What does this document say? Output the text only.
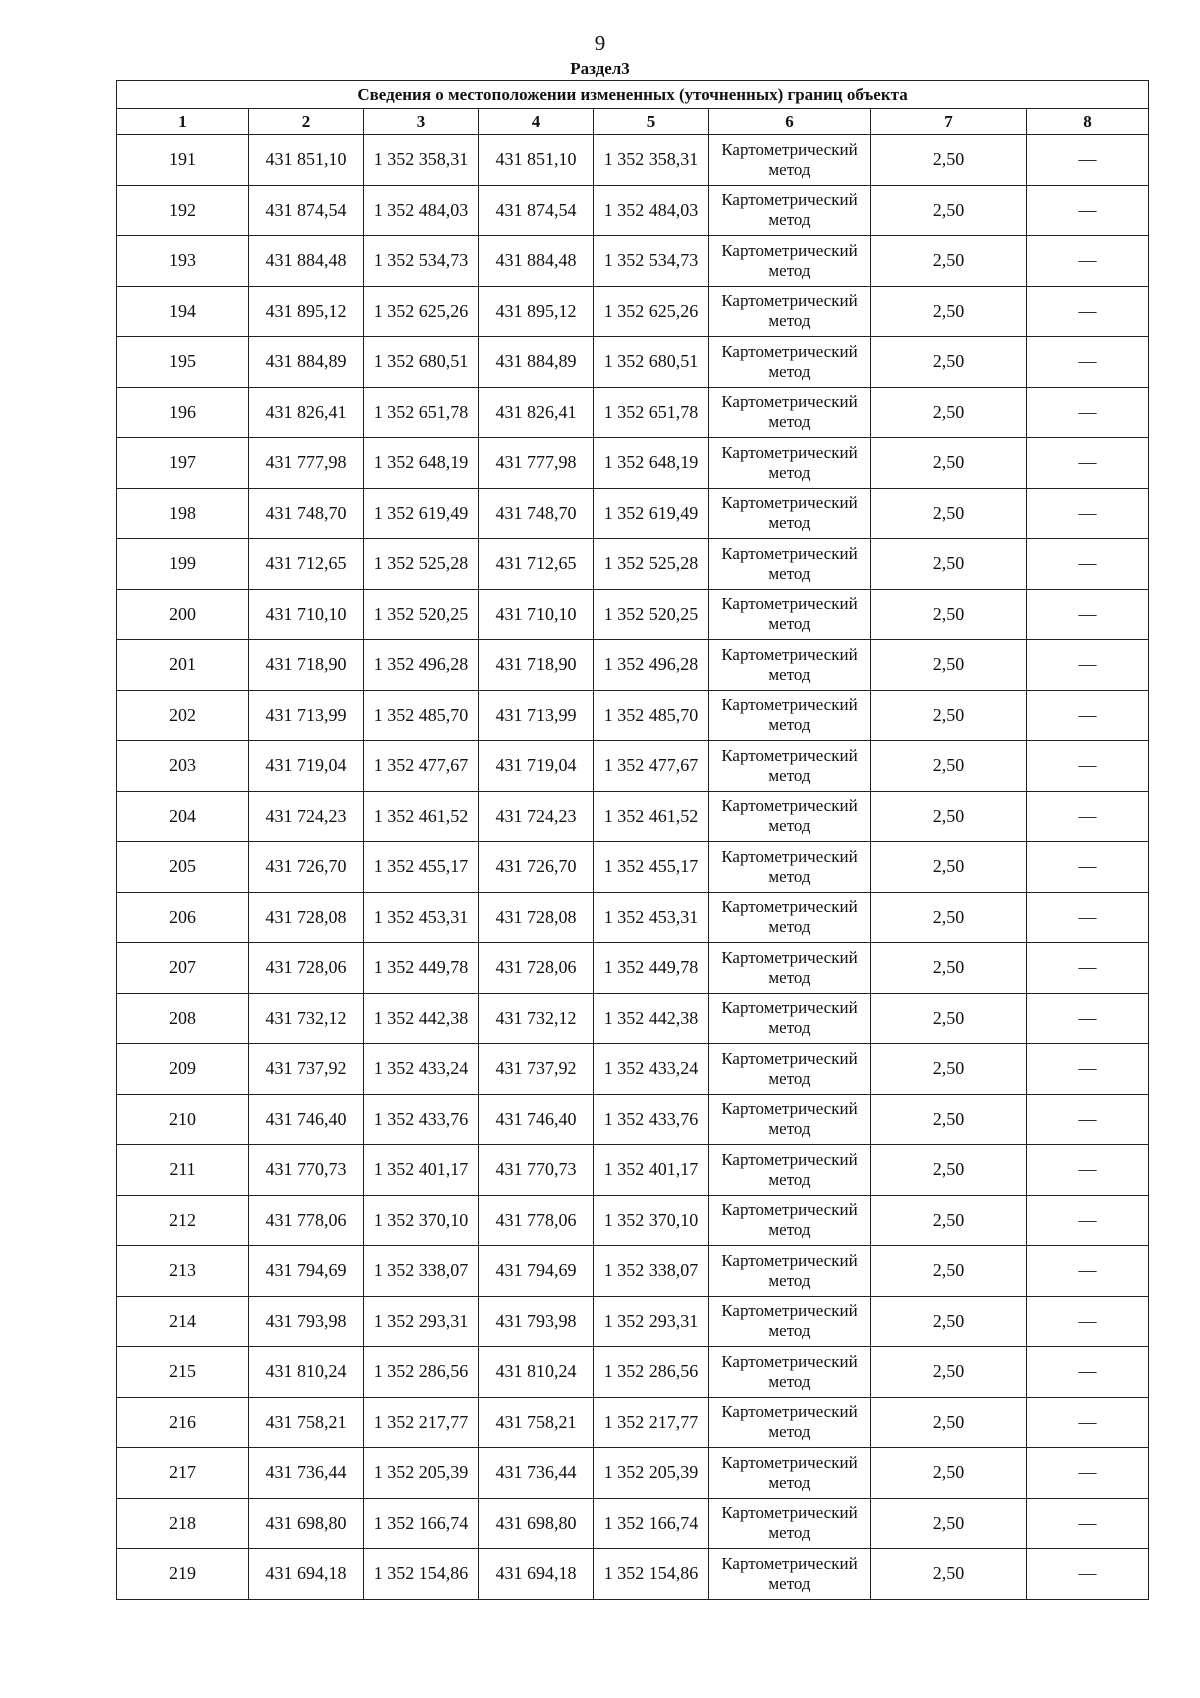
9
Раздел3
Сведения о местоположении измененных (уточненных) границ объекта							
1	2	3	4	5	6	7	8
191	431 851,10	1 352 358,31	431 851,10	1 352 358,31	Картометрический метод	2,50	—
192	431 874,54	1 352 484,03	431 874,54	1 352 484,03	Картометрический метод	2,50	—
193	431 884,48	1 352 534,73	431 884,48	1 352 534,73	Картометрический метод	2,50	—
194	431 895,12	1 352 625,26	431 895,12	1 352 625,26	Картометрический метод	2,50	—
195	431 884,89	1 352 680,51	431 884,89	1 352 680,51	Картометрический метод	2,50	—
196	431 826,41	1 352 651,78	431 826,41	1 352 651,78	Картометрический метод	2,50	—
197	431 777,98	1 352 648,19	431 777,98	1 352 648,19	Картометрический метод	2,50	—
198	431 748,70	1 352 619,49	431 748,70	1 352 619,49	Картометрический метод	2,50	—
199	431 712,65	1 352 525,28	431 712,65	1 352 525,28	Картометрический метод	2,50	—
200	431 710,10	1 352 520,25	431 710,10	1 352 520,25	Картометрический метод	2,50	—
201	431 718,90	1 352 496,28	431 718,90	1 352 496,28	Картометрический метод	2,50	—
202	431 713,99	1 352 485,70	431 713,99	1 352 485,70	Картометрический метод	2,50	—
203	431 719,04	1 352 477,67	431 719,04	1 352 477,67	Картометрический метод	2,50	—
204	431 724,23	1 352 461,52	431 724,23	1 352 461,52	Картометрический метод	2,50	—
205	431 726,70	1 352 455,17	431 726,70	1 352 455,17	Картометрический метод	2,50	—
206	431 728,08	1 352 453,31	431 728,08	1 352 453,31	Картометрический метод	2,50	—
207	431 728,06	1 352 449,78	431 728,06	1 352 449,78	Картометрический метод	2,50	—
208	431 732,12	1 352 442,38	431 732,12	1 352 442,38	Картометрический метод	2,50	—
209	431 737,92	1 352 433,24	431 737,92	1 352 433,24	Картометрический метод	2,50	—
210	431 746,40	1 352 433,76	431 746,40	1 352 433,76	Картометрический метод	2,50	—
211	431 770,73	1 352 401,17	431 770,73	1 352 401,17	Картометрический метод	2,50	—
212	431 778,06	1 352 370,10	431 778,06	1 352 370,10	Картометрический метод	2,50	—
213	431 794,69	1 352 338,07	431 794,69	1 352 338,07	Картометрический метод	2,50	—
214	431 793,98	1 352 293,31	431 793,98	1 352 293,31	Картометрический метод	2,50	—
215	431 810,24	1 352 286,56	431 810,24	1 352 286,56	Картометрический метод	2,50	—
216	431 758,21	1 352 217,77	431 758,21	1 352 217,77	Картометрический метод	2,50	—
217	431 736,44	1 352 205,39	431 736,44	1 352 205,39	Картометрический метод	2,50	—
218	431 698,80	1 352 166,74	431 698,80	1 352 166,74	Картометрический метод	2,50	—
219	431 694,18	1 352 154,86	431 694,18	1 352 154,86	Картометрический метод	2,50	—
